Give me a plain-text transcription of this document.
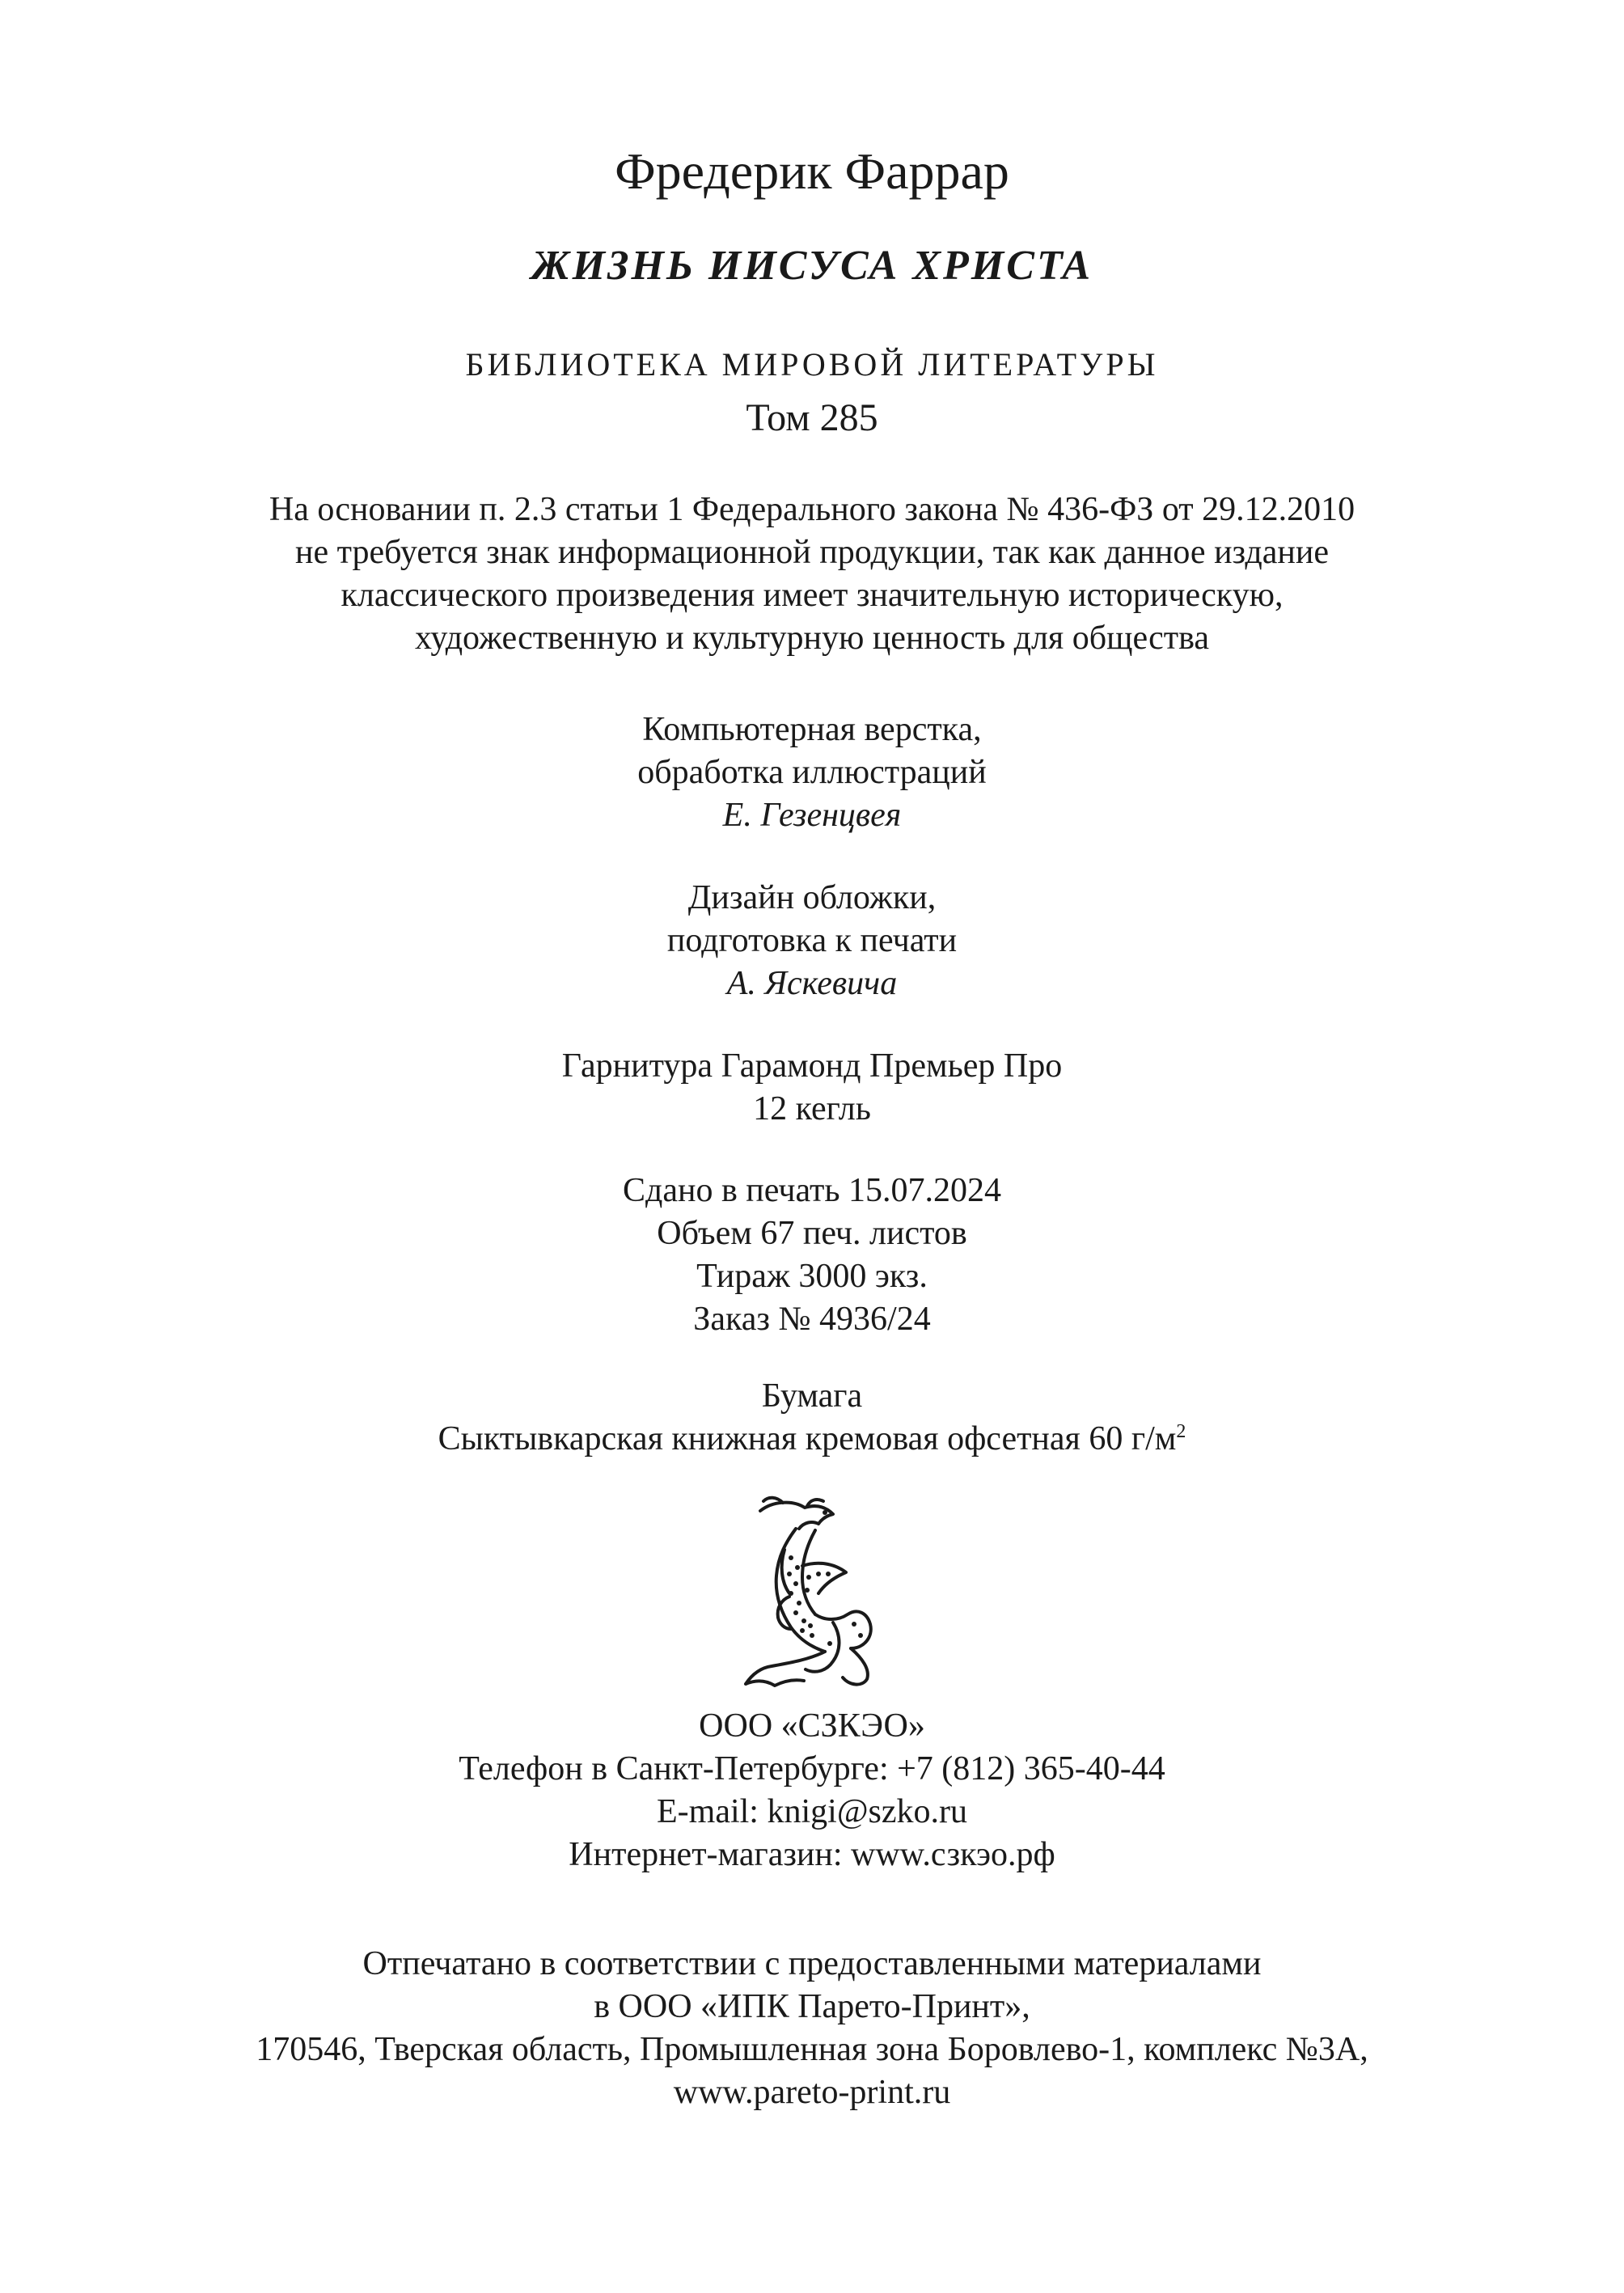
Фредерик Фаррар
ЖИЗНЬ ИИСУСА ХРИСТА
БИБЛИОТЕКА МИРОВОЙ ЛИТЕРАТУРЫ
Том 285
На основании п. 2.3 статьи 1 Федерального закона № 436-ФЗ от 29.12.2010
не требуется знак информационной продукции, так как данное издание
классического произведения имеет значительную историческую,
художественную и культурную ценность для общества
Компьютерная верстка,
обработка иллюстраций
Е. Гезенцвея
Дизайн обложки,
подготовка к печати
А. Яскевича
Гарнитура Гарамонд Премьер Про
12 кегль
Сдано в печать 15.07.2024
Объем 67 печ. листов
Тираж 3000 экз.
Заказ № 4936/24
Бумага
Сыктывкарская книжная кремовая офсетная 60 $г/м^2$
ООО «СЗКЭО»
Телефон в Санкт-Петербурге: +7 (812) 365-40-44
E-mail: knigi@szko.ru
Интернет-магазин: www.сзкэо.рф
Отпечатано в соответствии с предоставленными материалами
в ООО «ИПК Парето-Принт»,
170546, Тверская область, Промышленная зона Боровлево-1, комплекс №3А,
www.pareto-print.ru
